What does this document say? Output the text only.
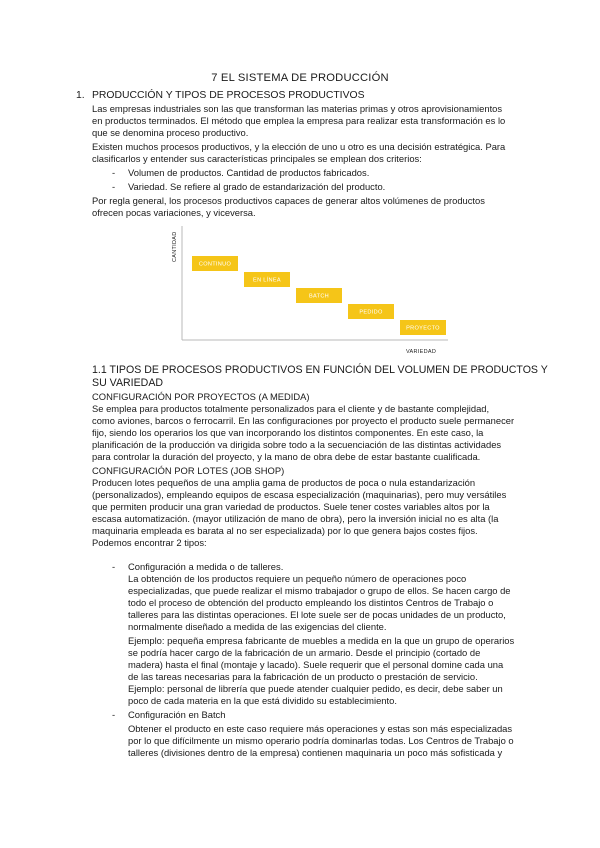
7 EL SISTEMA DE PRODUCCIÓN
1. PRODUCCIÓN Y TIPOS DE PROCESOS PRODUCTIVOS
Las empresas industriales son las que transforman las materias primas y otros aprovisionamientos
en productos terminados. El método que emplea la empresa para realizar esta transformación es lo
que se denomina proceso productivo.
Existen muchos procesos productivos, y la elección de uno u otro es una decisión estratégica. Para
clasificarlos y entender sus características principales se emplean dos criterios:
- Volumen de productos. Cantidad de productos fabricados.
- Variedad. Se refiere al grado de estandarización del producto.
Por regla general, los procesos productivos capaces de generar altos volúmenes de productos
ofrecen pocas variaciones, y viceversa.
CANTIDAD
VARIEDAD
CONTINUO
EN LÍNEA
BATCH
PEDIDO
PROYECTO
1.1 TIPOS DE PROCESOS PRODUCTIVOS EN FUNCIÓN DEL VOLUMEN DE PRODUCTOS Y
SU VARIEDAD
CONFIGURACIÓN POR PROYECTOS (A MEDIDA)
Se emplea para productos totalmente personalizados para el cliente y de bastante complejidad,
como aviones, barcos o ferrocarril. En las configuraciones por proyecto el producto suele permanecer
fijo, siendo los operarios los que van incorporando los distintos componentes. En este caso, la
planificación de la producción va dirigida sobre todo a la secuenciación de las distintas actividades
para controlar la duración del proyecto, y la mano de obra debe de estar bastante cualificada.
CONFIGURACIÓN POR LOTES (JOB SHOP)
Producen lotes pequeños de una amplia gama de productos de poca o nula estandarización
(personalizados), empleando equipos de escasa especialización (maquinarias), pero muy versátiles
que permiten producir una gran variedad de productos. Suele tener costes variables altos por la
escasa automatización. (mayor utilización de mano de obra), pero la inversión inicial no es alta (la
maquinaria empleada es barata al no ser especializada) por lo que genera bajos costes fijos.
Podemos encontrar 2 tipos:
- Configuración a medida o de talleres.
La obtención de los productos requiere un pequeño número de operaciones poco
especializadas, que puede realizar el mismo trabajador o grupo de ellos. Se hacen cargo de
todo el proceso de obtención del producto empleando los distintos Centros de Trabajo o
talleres para las distintas operaciones. El lote suele ser de pocas unidades de un producto,
normalmente diseñado a medida de las exigencias del cliente.
Ejemplo: pequeña empresa fabricante de muebles a medida en la que un grupo de operarios
se podría hacer cargo de la fabricación de un armario. Desde el principio (cortado de
madera) hasta el final (montaje y lacado). Suele requerir que el personal domine cada una
de las tareas necesarias para la fabricación de un producto o prestación de servicio.
Ejemplo: personal de librería que puede atender cualquier pedido, es decir, debe saber un
poco de cada materia en la que está dividido su establecimiento.
- Configuración en Batch
Obtener el producto en este caso requiere más operaciones y estas son más especializadas
por lo que difícilmente un mismo operario podría dominarlas todas. Los Centros de Trabajo o
talleres (divisiones dentro de la empresa) contienen maquinaria un poco más sofisticada y
